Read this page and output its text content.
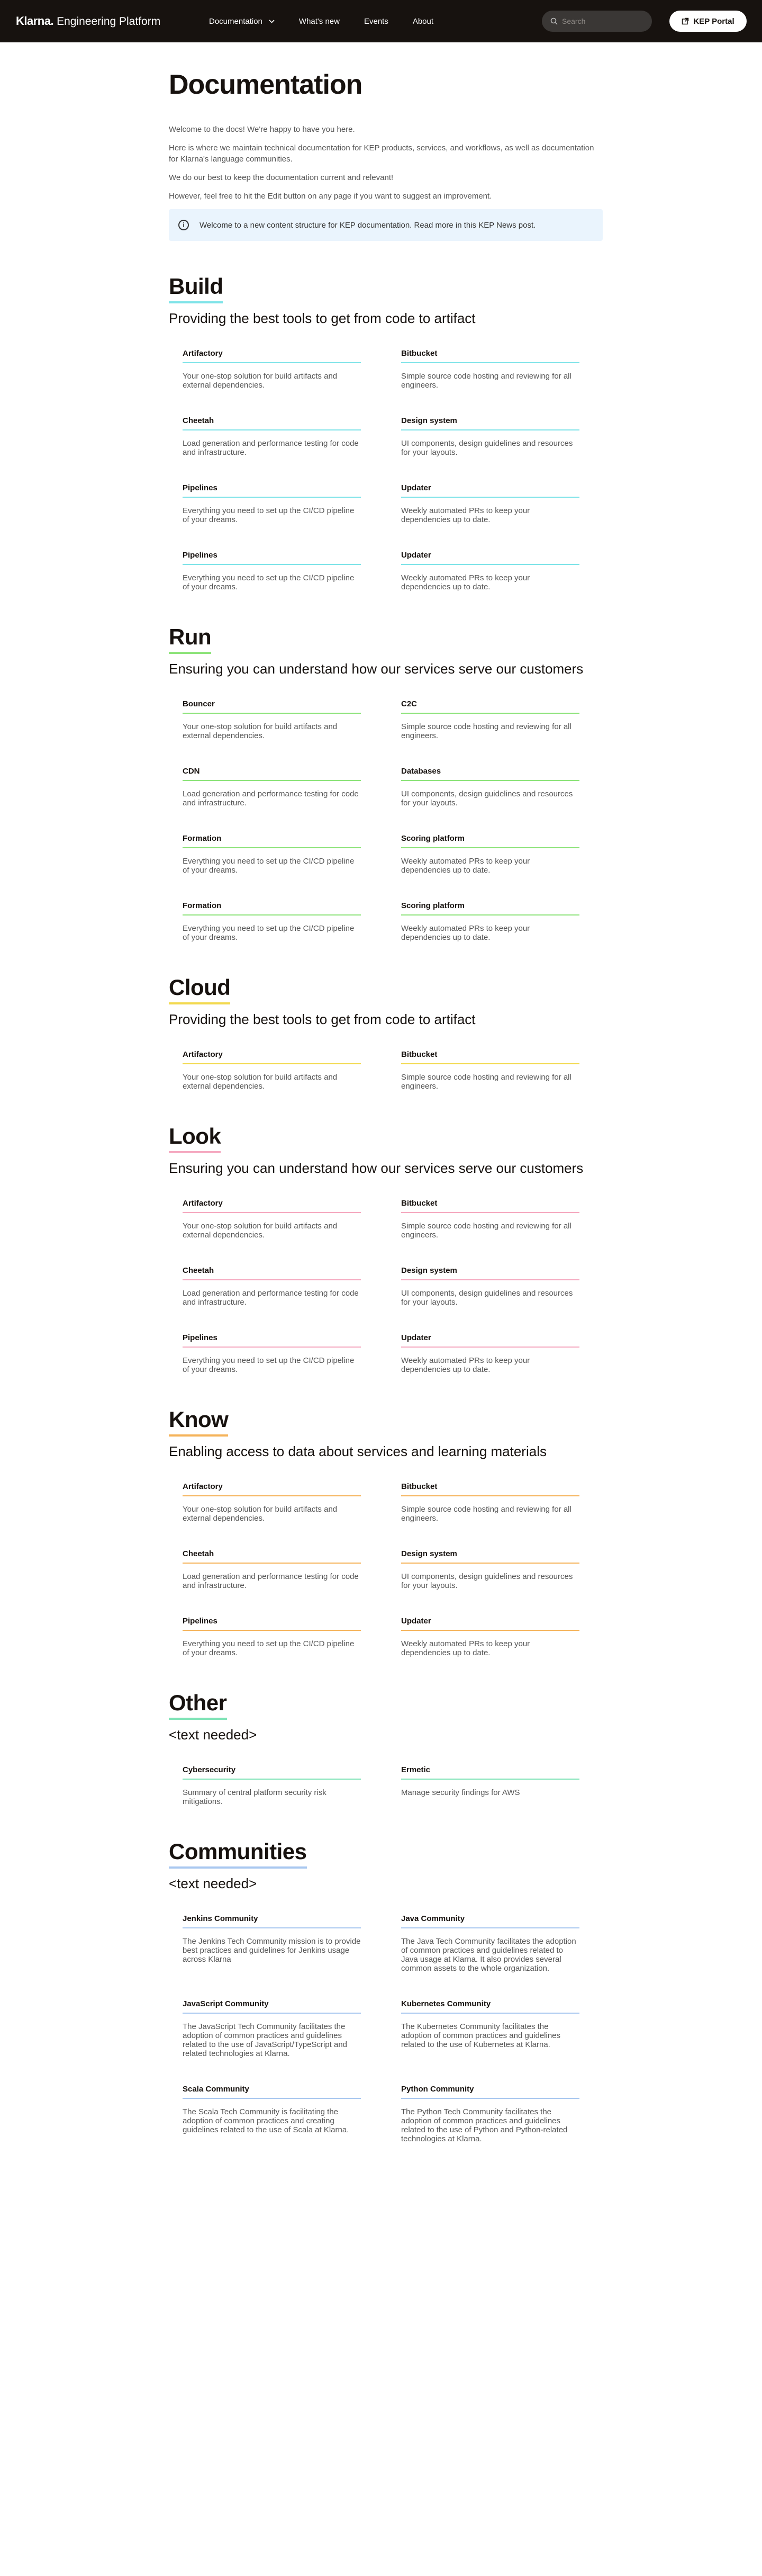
Klarna. Engineering Platform	Documentation	What's new	Events	About
Search	KEP Portal
Documentation

Welcome to the docs! We're happy to have you here.

Here is where we maintain technical documentation for KEP products, services, and workflows, as well as documentation for Klarna's language communities.

We do our best to keep the documentation current and relevant!

However, feel free to hit the Edit button on any page if you want to suggest an improvement.

i	Welcome to a new content structure for KEP documentation. Read more in this KEP News post.
Build

Providing the best tools to get from code to artifact

Artifactory
Your one-stop solution for build artifacts and external dependencies.
Bitbucket
Simple source code hosting and reviewing for all engineers.
Cheetah
Load generation and performance testing for code and infrastructure.
Design system
UI components, design guidelines and resources for your layouts.
Pipelines
Everything you need to set up the CI/CD pipeline of your dreams.
Updater
Weekly automated PRs to keep your dependencies up to date.
Pipelines
Everything you need to set up the CI/CD pipeline of your dreams.
Updater
Weekly automated PRs to keep your dependencies up to date.
Run

Ensuring you can understand how our services serve our customers

Bouncer
Your one-stop solution for build artifacts and external dependencies.
C2C
Simple source code hosting and reviewing for all engineers.
CDN
Load generation and performance testing for code and infrastructure.
Databases
UI components, design guidelines and resources for your layouts.
Formation
Everything you need to set up the CI/CD pipeline of your dreams.
Scoring platform
Weekly automated PRs to keep your dependencies up to date.
Formation
Everything you need to set up the CI/CD pipeline of your dreams.
Scoring platform
Weekly automated PRs to keep your dependencies up to date.
Cloud

Providing the best tools to get from code to artifact

Artifactory
Your one-stop solution for build artifacts and external dependencies.
Bitbucket
Simple source code hosting and reviewing for all engineers.
Look

Ensuring you can understand how our services serve our customers

Artifactory
Your one-stop solution for build artifacts and external dependencies.
Bitbucket
Simple source code hosting and reviewing for all engineers.
Cheetah
Load generation and performance testing for code and infrastructure.
Design system
UI components, design guidelines and resources for your layouts.
Pipelines
Everything you need to set up the CI/CD pipeline of your dreams.
Updater
Weekly automated PRs to keep your dependencies up to date.
Know

Enabling access to data about services and learning materials

Artifactory
Your one-stop solution for build artifacts and external dependencies.
Bitbucket
Simple source code hosting and reviewing for all engineers.
Cheetah
Load generation and performance testing for code and infrastructure.
Design system
UI components, design guidelines and resources for your layouts.
Pipelines
Everything you need to set up the CI/CD pipeline of your dreams.
Updater
Weekly automated PRs to keep your dependencies up to date.
Other

<text needed>

Cybersecurity
Summary of central platform security risk mitigations.
Ermetic
Manage security findings for AWS
Communities

<text needed>

Jenkins Community
The Jenkins Tech Community mission is to provide best practices and guidelines for Jenkins usage across Klarna
Java Community
The Java Tech Community facilitates the adoption of common practices and guidelines related to Java usage at Klarna. It also provides several common assets to the whole organization.
JavaScript Community
The JavaScript Tech Community facilitates the adoption of common practices and guidelines related to the use of JavaScript/TypeScript and related technologies at Klarna.
Kubernetes Community
The Kubernetes Community facilitates the adoption of common practices and guidelines related to the use of Kubernetes at Klarna.
Scala Community
The Scala Tech Community is facilitating the adoption of common practices and creating guidelines related to the use of Scala at Klarna.
Python Community
The Python Tech Community facilitates the adoption of common practices and guidelines related to the use of Python and Python-related technologies at Klarna.
